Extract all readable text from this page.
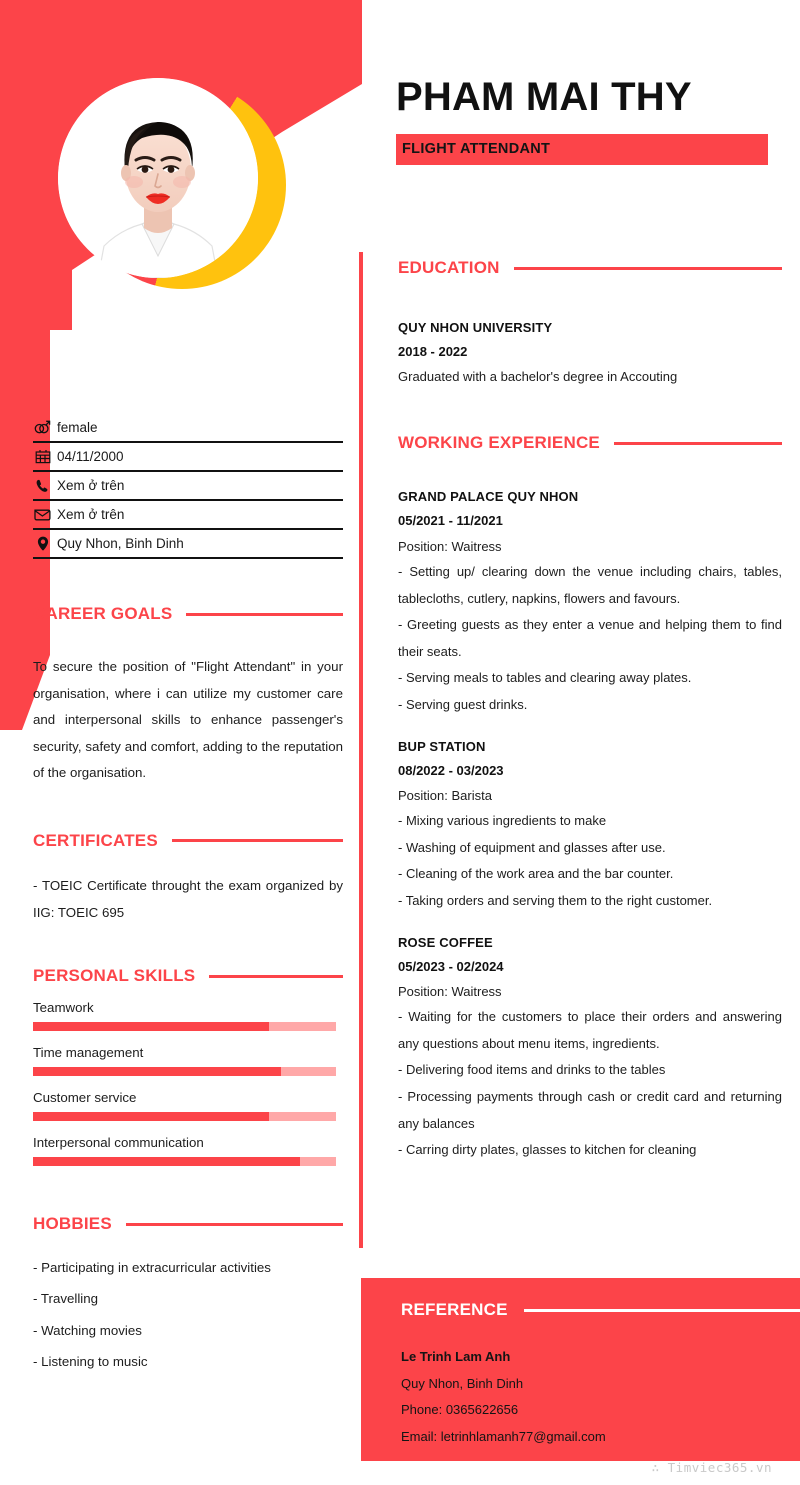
PHAM MAI THY
FLIGHT ATTENDANT
female
04/11/2000
Xem ở trên
Xem ở trên
Quy Nhon, Binh Dinh
CAREER GOALS
To secure the position of "Flight Attendant" in your organisation, where i can utilize my customer care and interpersonal skills to enhance passenger's security, safety and comfort, adding to the reputation of the organisation.
CERTIFICATES
- TOEIC Certificate throught the exam organized by IIG: TOEIC 695
PERSONAL SKILLS
Teamwork
Time management
Customer service
Interpersonal communication
HOBBIES
- Participating in extracurricular activities
- Travelling
- Watching movies
- Listening to music
EDUCATION
QUY NHON UNIVERSITY
2018 - 2022
Graduated with a bachelor's degree in Accouting
WORKING EXPERIENCE
GRAND PALACE QUY NHON
05/2021 - 11/2021
Position: Waitress
- Setting up/ clearing down the venue including chairs, tables, tablecloths, cutlery, napkins, flowers and favours.
- Greeting guests as they enter a venue and helping them to find their seats.
- Serving meals to tables and clearing away plates.
- Serving guest drinks.
BUP STATION
08/2022 - 03/2023
Position: Barista
- Mixing various ingredients to make
- Washing of equipment and glasses after use.
- Cleaning of the work area and the bar counter.
- Taking orders and serving them to the right customer.
ROSE COFFEE
05/2023 - 02/2024
Position: Waitress
- Waiting for the customers to place their orders and answering any questions about menu items, ingredients.
- Delivering food items and drinks to the tables
- Processing payments through cash or credit card and returning any balances
- Carring dirty plates, glasses to kitchen for cleaning
REFERENCE
Le Trinh Lam Anh
Quy Nhon, Binh Dinh
Phone: 0365622656
Email: letrinhlamanh77@gmail.com
∴ Timviec365.vn
